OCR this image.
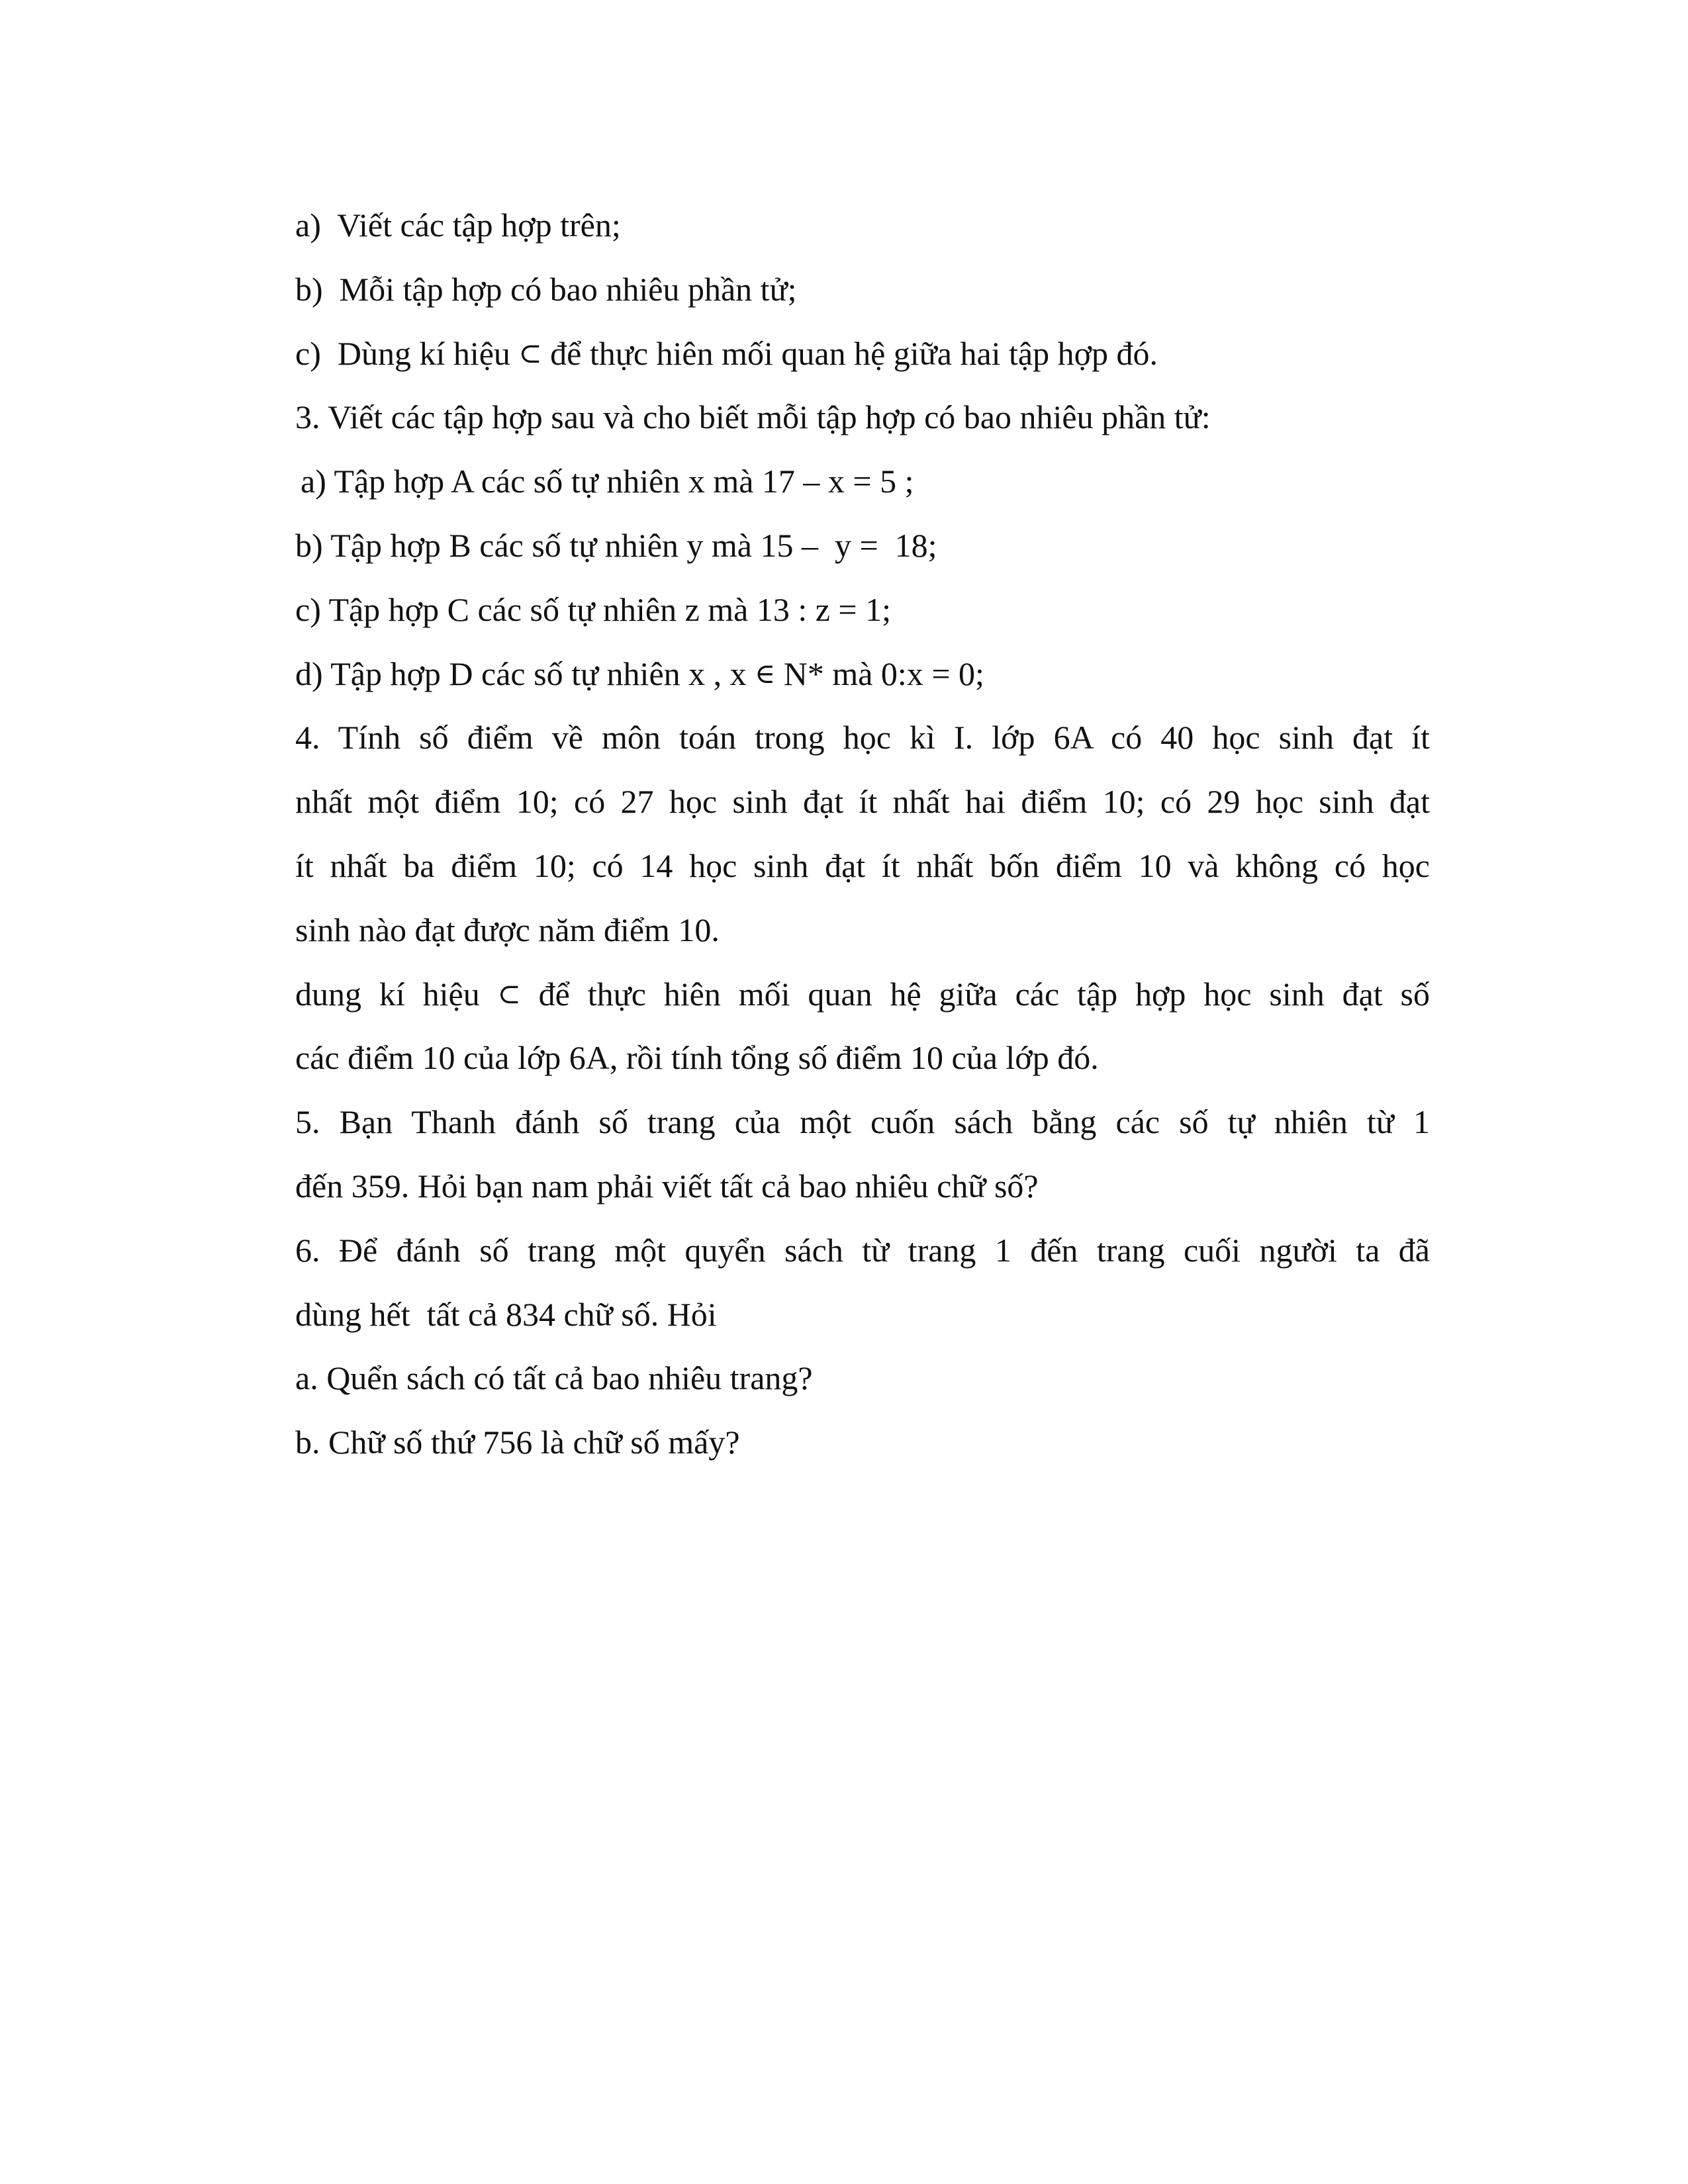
a)  Viết các tập hợp trên;

b)  Mỗi tập hợp có bao nhiêu phần tử;

c)  Dùng kí hiệu ⊂ để thực hiên mối quan hệ giữa hai tập hợp đó.

3. Viết các tập hợp sau và cho biết mỗi tập hợp có bao nhiêu phần tử:

a) Tập hợp A các số tự nhiên x mà 17 – x = 5 ;

b) Tập hợp B các số tự nhiên y mà 15 –  y =  18;

c) Tập hợp C các số tự nhiên z mà 13 : z = 1;

d) Tập hợp D các số tự nhiên x , x ∈ N* mà 0:x = 0;

4. Tính số điểm về môn toán trong học kì I. lớp 6A có 40 học sinh đạt ít

nhất một điểm 10; có 27 học sinh đạt ít nhất hai điểm 10; có 29 học sinh đạt

ít nhất ba điểm 10; có 14 học sinh đạt ít nhất bốn điểm 10 và không có học

sinh nào đạt được năm điểm 10.

dung kí hiệu ⊂ để thực hiên mối quan hệ giữa các tập hợp học sinh đạt số

các điểm 10 của lớp 6A, rồi tính tổng số điểm 10 của lớp đó.

5. Bạn Thanh đánh số trang của một cuốn sách bằng các số tự nhiên từ 1

đến 359. Hỏi bạn nam phải viết tất cả bao nhiêu chữ số?

6. Để đánh số trang một quyển sách từ trang 1 đến trang cuối người ta đã

dùng hết  tất cả 834 chữ số. Hỏi

a. Quển sách có tất cả bao nhiêu trang?

b. Chữ số thứ 756 là chữ số mấy?
